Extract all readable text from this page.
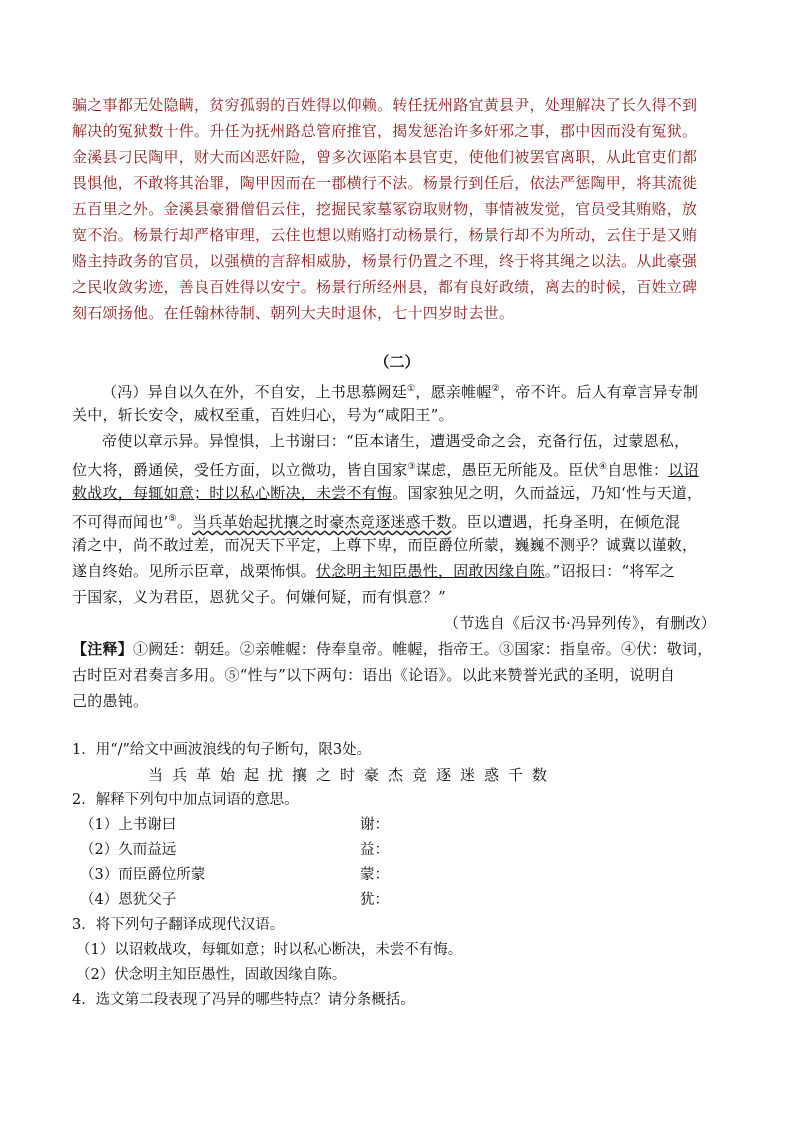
骗之事都无处隐瞒，贫穷孤弱的百姓得以仰赖。转任抚州路宜黄县尹，处理解决了长久得不到
解决的冤狱数十件。升任为抚州路总管府推官，揭发惩治许多奸邪之事，郡中因而没有冤狱。
金溪县刁民陶甲，财大而凶恶奸险，曾多次诬陷本县官吏，使他们被罢官离职，从此官吏们都
畏惧他，不敢将其治罪，陶甲因而在一郡横行不法。杨景行到任后，依法严惩陶甲，将其流徙
五百里之外。金溪县豪猾僧侣云住，挖掘民家墓冢窃取财物，事情被发觉，官员受其贿赂，放
宽不治。杨景行却严格审理，云住也想以贿赂打动杨景行，杨景行却不为所动，云住于是又贿
赂主持政务的官员，以强横的言辞相威胁，杨景行仍置之不理，终于将其绳之以法。从此豪强
之民收敛劣迹，善良百姓得以安宁。杨景行所经州县，都有良好政绩，离去的时候，百姓立碑
刻石颂扬他。在任翰林待制、朝列大夫时退休，七十四岁时去世。
（二）
（冯）异自以久在外，不自安，上书思慕阙廷①，愿亲帷幄②，帝不许。后人有章言异专制
关中，斩长安令，威权至重，百姓归心，号为“咸阳王”。
帝使以章示异。异惶惧，上书谢曰：“臣本诸生，遭遇受命之会，充备行伍，过蒙恩私，
位大将，爵通侯，受任方面，以立微功，皆自国家③谋虑，愚臣无所能及。臣伏④自思惟：以诏
敕战攻，每辄如意；时以私心断决，未尝不有悔。国家独见之明，久而益远，乃知‘性与天道，
不可得而闻也’⑤。当兵革始起扰攘之时豪杰竞逐迷惑千数。臣以遭遇，托身圣明，在倾危混
淆之中，尚不敢过差，而况天下平定，上尊下卑，而臣爵位所蒙，巍巍不测乎？诚冀以谨敕，
遂自终始。见所示臣章，战栗怖惧。伏念明主知臣愚性，固敢因缘自陈。”诏报曰：“将军之
于国家，义为君臣，恩犹父子。何嫌何疑，而有惧意？”
（节选自《后汉书·冯异列传》，有删改）
【注释】①阙廷：朝廷。②亲帷幄：侍奉皇帝。帷幄，指帝王。③国家：指皇帝。④伏：敬词，
古时臣对君奏言多用。⑤“性与”以下两句：语出《论语》。以此来赞誉光武的圣明，说明自
己的愚钝。
1．用“/”给文中画波浪线的句子断句，限3处。
当兵革始起扰攘之时豪杰竞逐迷惑千数
2．解释下列句中加点词语的意思。
（1）上书谢曰	谢：
（2）久而益远	益：
（3）而臣爵位所蒙	蒙：
（4）恩犹父子	犹：
3．将下列句子翻译成现代汉语。
（1）以诏敕战攻，每辄如意；时以私心断决，未尝不有悔。
（2）伏念明主知臣愚性，固敢因缘自陈。
4．选文第二段表现了冯异的哪些特点？请分条概括。
